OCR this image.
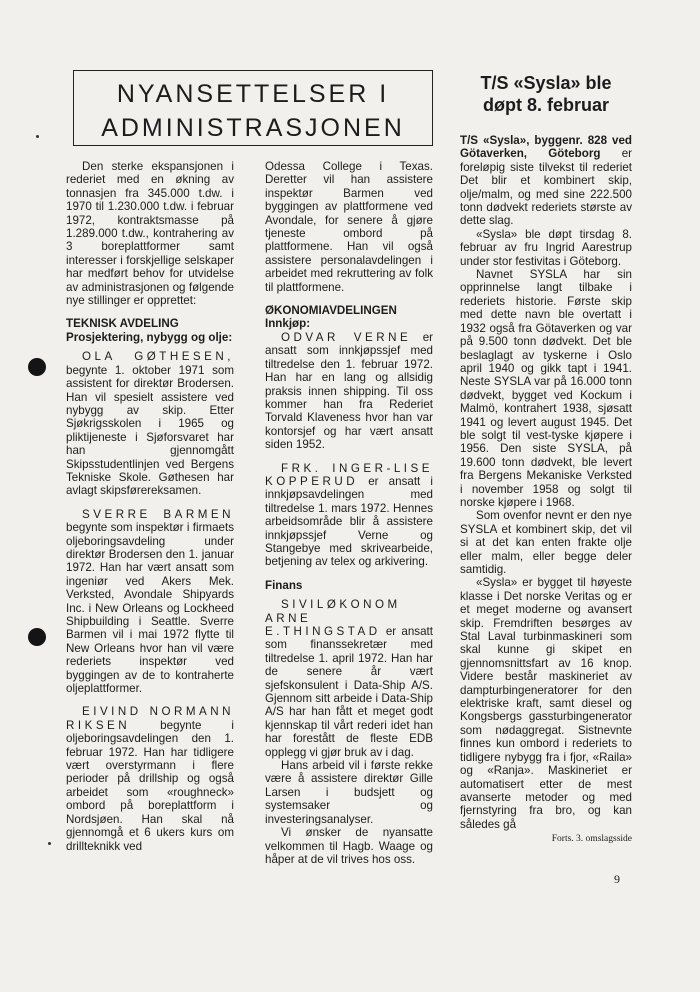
NYANSETTELSER I
ADMINISTRASJONEN

Den sterke ekspansjonen i rederiet med en økning av tonnasjen fra 345.000 t.dw. i 1970 til 1.230.000 t.dw. i februar 1972, kontraktsmasse på 1.289.000 t.dw., kontrahering av 3 boreplattformer samt interesser i forskjellige selskaper har medført behov for utvidelse av administrasjonen og følgende nye stillinger er opprettet:

TEKNISK AVDELING

Prosjektering, nybygg og olje:

OLA GØTHESEN, begynte 1. oktober 1971 som assistent for direktør Brodersen. Han vil spesielt assistere ved nybygg av skip. Etter Sjøkrigsskolen i 1965 og pliktijeneste i Sjøforsvaret har han gjennomgått Skipsstudentlinjen ved Bergens Tekniske Skole. Gøthesen har avlagt skipsførereksamen.

SVERRE BARMEN begynte som inspektør i firmaets oljeboringsavdeling under direktør Brodersen den 1. januar 1972. Han har vært ansatt som ingeniør ved Akers Mek. Verksted, Avondale Shipyards Inc. i New Orleans og Lockheed Shipbuilding i Seattle. Sverre Barmen vil i mai 1972 flytte til New Orleans hvor han vil være rederiets inspektør ved byggingen av de to kontraherte oljeplattformer.

EIVIND NORMANN RIKSEN	begynte i oljeboringsavdelingen den 1. februar 1972. Han har tidligere vært overstyrmann i flere perioder på drillship og også arbeidet som «roughneck» ombord på boreplattform i Nordsjøen. Han skal nå gjennomgå et 6 ukers kurs om drillteknikk ved

Odessa College i Texas. Deretter vil han assistere inspektør Barmen ved byggingen av plattformene ved Avondale, for senere å gjøre tjeneste ombord på plattformene. Han vil også assistere personalavdelingen i arbeidet med rekruttering av folk til plattformene.

ØKONOMIAVDELINGEN

Innkjøp:

ODVAR VERNE er ansatt som innkjøpssjef med tiltredelse den 1. februar 1972. Han har en lang og allsidig praksis innen shipping. Til oss kommer han fra Rederiet Torvald Klaveness hvor han var kontorsjef og har vært ansatt siden 1952.

FRK. INGER-LISE KOPPERUD er ansatt i innkjøpsavdelingen med tiltredelse 1. mars 1972. Hennes arbeidsområde blir å assistere innkjøpssjef Verne og Stangebye med skrivearbeide, betjening av telex og arkivering.

Finans

SIVILØKONOM ARNE E.THINGSTAD er ansatt som finanssekretær med tiltredelse 1. april 1972. Han har de senere år vært sjefskonsulent i Data-Ship A/S. Gjennom sitt arbeide i Data-Ship A/S har han fått et meget godt kjennskap til vårt rederi idet han har forestått de fleste EDB opplegg vi gjør bruk av i dag.

Hans arbeid vil i første rekke være å assistere direktør Gille Larsen i budsjett og systemsaker og investeringsanalyser.

Vi ønsker de nyansatte velkommen til Hagb. Waage og håper at de vil trives hos oss.

T/S «Sysla» ble døpt 8. februar

T/S «Sysla», byggenr. 828 ved Götaverken, Göteborg er foreløpig siste tilvekst til rederiet Det blir et kombinert skip, olje/malm, og med sine 222.500 tonn dødvekt rederiets største av dette slag.

«Sysla» ble døpt tirsdag 8. februar av fru Ingrid Aarestrup under stor festivitas i Göteborg.

Navnet SYSLA har sin opprinnelse langt tilbake i rederiets historie. Første skip med dette navn ble overtatt i 1932 også fra Götaverken og var på 9.500 tonn dødvekt. Det ble beslaglagt av tyskerne i Oslo april 1940 og gikk tapt i 1941. Neste SYSLA var på 16.000 tonn dødvekt, bygget ved Kockum i Malmö, kontrahert 1938, sjøsatt 1941 og levert august 1945. Det ble solgt til vest-tyske kjøpere i 1956. Den siste SYSLA, på 19.600 tonn dødvekt, ble levert fra Bergens Mekaniske Verksted i november 1958 og solgt til norske kjøpere i 1968.

Som ovenfor nevnt er den nye SYSLA et kombinert skip, det vil si at det kan enten frakte olje eller malm, eller begge deler samtidig.

«Sysla» er bygget til høyeste klasse i Det norske Veritas og er et meget moderne og avansert skip. Fremdriften besørges av Stal Laval turbinmaskineri som skal kunne gi skipet en gjennomsnittsfart av 16 knop. Videre består maskineriet av dampturbingeneratorer for den elektriske kraft, samt diesel og Kongsbergs gassturbingenerator som nødaggregat. Sistnevnte finnes kun ombord i rederiets to tidligere nybygg fra i fjor, «Raila» og «Ranja». Maskineriet er automatisert etter de mest avanserte metoder og med fjernstyring fra bro, og kan således gå

Forts. 3. omslagsside
9
